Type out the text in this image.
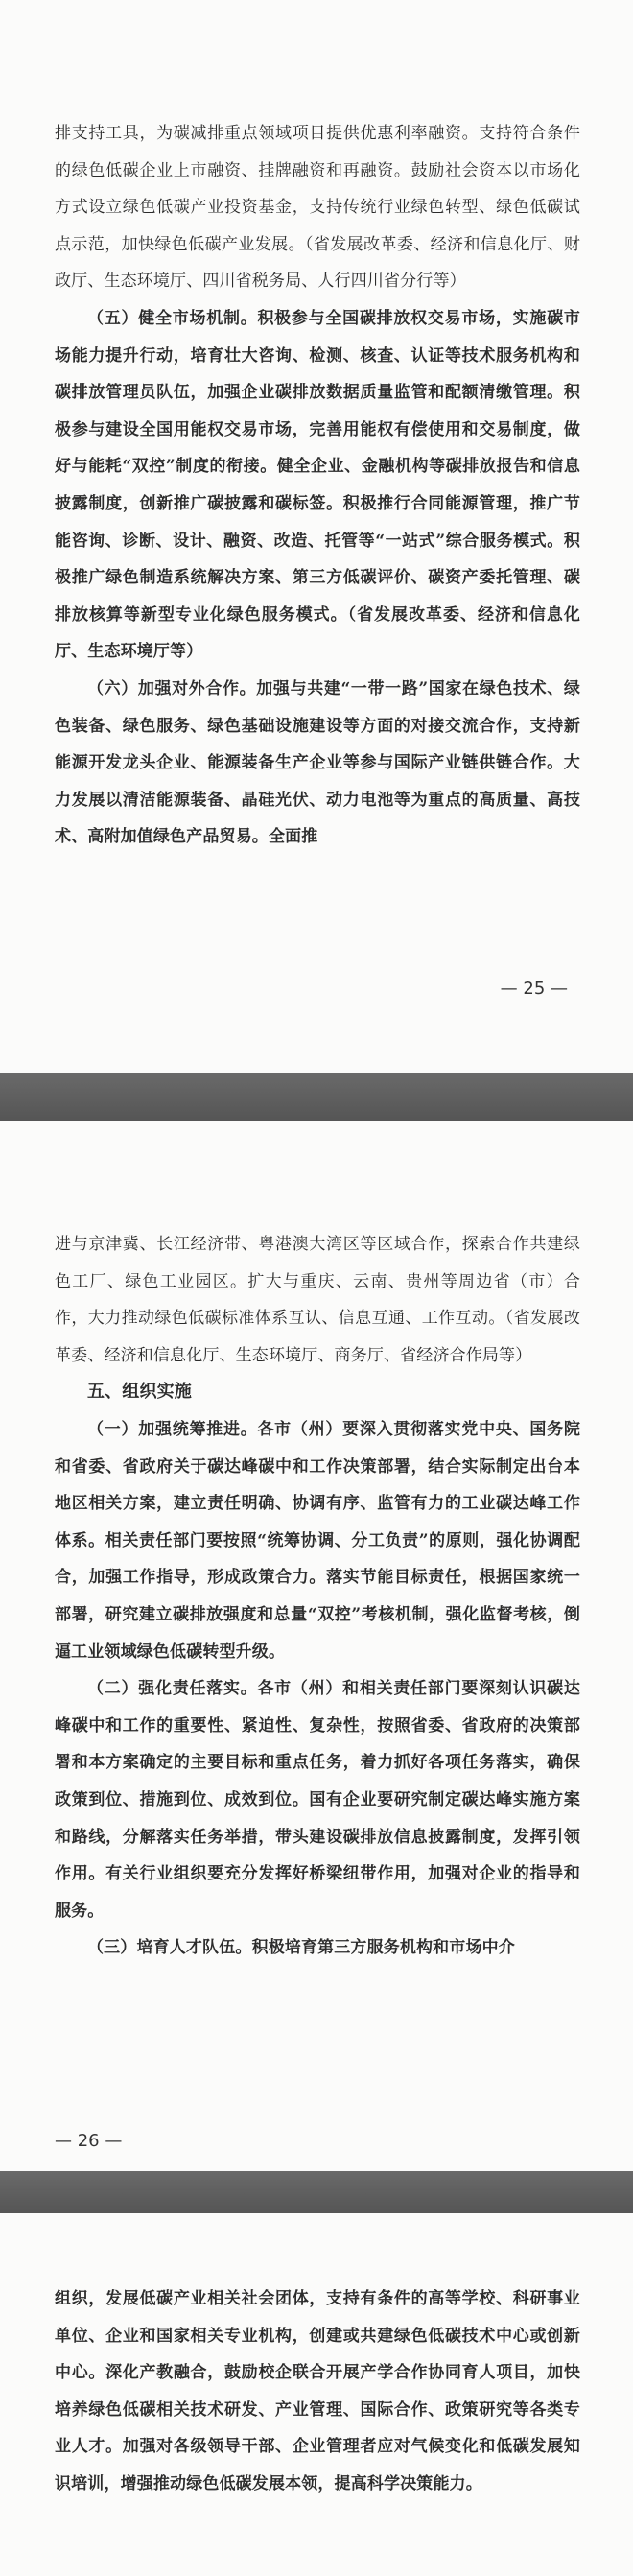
排支持工具，为碳减排重点领域项目提供优惠利率融资。支持符合条件的绿色低碳企业上市融资、挂牌融资和再融资。鼓励社会资本以市场化方式设立绿色低碳产业投资基金，支持传统行业绿色转型、绿色低碳试点示范，加快绿色低碳产业发展。（省发展改革委、经济和信息化厅、财政厅、生态环境厅、四川省税务局、人行四川省分行等）

（五）健全市场机制。积极参与全国碳排放权交易市场，实施碳市场能力提升行动，培育壮大咨询、检测、核查、认证等技术服务机构和碳排放管理员队伍，加强企业碳排放数据质量监管和配额清缴管理。积极参与建设全国用能权交易市场，完善用能权有偿使用和交易制度，做好与能耗“双控”制度的衔接。健全企业、金融机构等碳排放报告和信息披露制度，创新推广碳披露和碳标签。积极推行合同能源管理，推广节能咨询、诊断、设计、融资、改造、托管等“一站式”综合服务模式。积极推广绿色制造系统解决方案、第三方低碳评价、碳资产委托管理、碳排放核算等新型专业化绿色服务模式。（省发展改革委、经济和信息化厅、生态环境厅等）

（六）加强对外合作。加强与共建“一带一路”国家在绿色技术、绿色装备、绿色服务、绿色基础设施建设等方面的对接交流合作，支持新能源开发龙头企业、能源装备生产企业等参与国际产业链供链合作。大力发展以清洁能源装备、晶硅光伏、动力电池等为重点的高质量、高技术、高附加值绿色产品贸易。全面推

— 25 —

进与京津冀、长江经济带、粤港澳大湾区等区域合作，探索合作共建绿色工厂、绿色工业园区。扩大与重庆、云南、贵州等周边省（市）合作，大力推动绿色低碳标准体系互认、信息互通、工作互动。（省发展改革委、经济和信息化厅、生态环境厅、商务厅、省经济合作局等）

五、组织实施

（一）加强统筹推进。各市（州）要深入贯彻落实党中央、国务院和省委、省政府关于碳达峰碳中和工作决策部署，结合实际制定出台本地区相关方案，建立责任明确、协调有序、监管有力的工业碳达峰工作体系。相关责任部门要按照“统筹协调、分工负责”的原则，强化协调配合，加强工作指导，形成政策合力。落实节能目标责任，根据国家统一部署，研究建立碳排放强度和总量“双控”考核机制，强化监督考核，倒逼工业领域绿色低碳转型升级。

（二）强化责任落实。各市（州）和相关责任部门要深刻认识碳达峰碳中和工作的重要性、紧迫性、复杂性，按照省委、省政府的决策部署和本方案确定的主要目标和重点任务，着力抓好各项任务落实，确保政策到位、措施到位、成效到位。国有企业要研究制定碳达峰实施方案和路线，分解落实任务举措，带头建设碳排放信息披露制度，发挥引领作用。有关行业组织要充分发挥好桥梁纽带作用，加强对企业的指导和服务。

（三）培育人才队伍。积极培育第三方服务机构和市场中介

— 26 —

组织，发展低碳产业相关社会团体，支持有条件的高等学校、科研事业单位、企业和国家相关专业机构，创建或共建绿色低碳技术中心或创新中心。深化产教融合，鼓励校企联合开展产学合作协同育人项目，加快培养绿色低碳相关技术研发、产业管理、国际合作、政策研究等各类专业人才。加强对各级领导干部、企业管理者应对气候变化和低碳发展知识培训，增强推动绿色低碳发展本领，提高科学决策能力。
